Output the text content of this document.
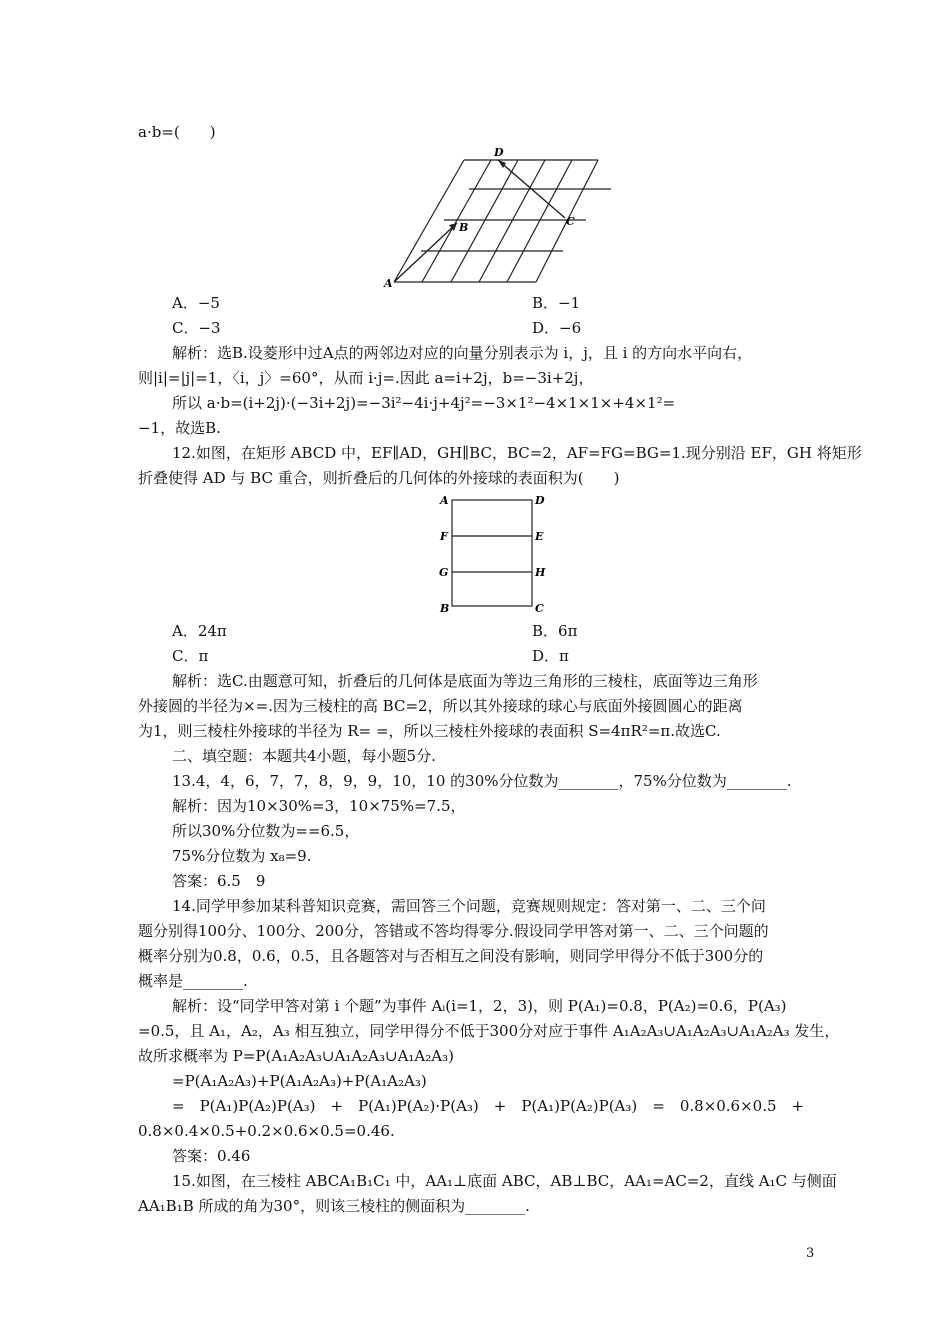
a·b=(　　)
A
B	C
D
A．−5	B．−1
C．−3	D．−6
解析：选B.设菱形中过A点的两邻边对应的向量分别表示为 i，j，且 i 的方向水平向右，
则|i|=|j|=1，〈i，j〉=60°，从而 i·j=.因此 a=i+2j，b=−3i+2j，
所以 a·b=(i+2j)·(−3i+2j)=−3i²−4i·j+4j²=−3×1²−4×1×1×+4×1²=
−1，故选B.
12.如图，在矩形 ABCD 中，EF∥AD，GH∥BC，BC=2，AF=FG=BG=1.现分别沿 EF，GH 将矩形
折叠使得 AD 与 BC 重合，则折叠后的几何体的外接球的表面积为(　　)
A	D
F	E
G	H
B	C
A．24π	B．6π
C．π	D．π
解析：选C.由题意可知，折叠后的几何体是底面为等边三角形的三棱柱，底面等边三角形
外接圆的半径为×=.因为三棱柱的高 BC=2，所以其外接球的球心与底面外接圆圆心的距离
为1，则三棱柱外接球的半径为 R= =，所以三棱柱外接球的表面积 S=4πR²=π.故选C.
二、填空题：本题共4小题，每小题5分.
13.4，4，6，7，7，8，9，9，10，10 的30%分位数为________，75%分位数为________.
解析：因为10×30%=3，10×75%=7.5，
所以30%分位数为==6.5，
75%分位数为 x₈=9.
答案：6.5　9
14.同学甲参加某科普知识竞赛，需回答三个问题，竞赛规则规定：答对第一、二、三个问
题分别得100分、100分、200分，答错或不答均得零分.假设同学甲答对第一、二、三个问题的
概率分别为0.8，0.6，0.5，且各题答对与否相互之间没有影响，则同学甲得分不低于300分的
概率是________.
解析：设“同学甲答对第 i 个题”为事件 Aᵢ(i=1，2，3)，则 P(A₁)=0.8，P(A₂)=0.6，P(A₃)
=0.5，且 A₁，A₂，A₃ 相互独立，同学甲得分不低于300分对应于事件 A₁A₂A₃∪A₁A₂A₃∪A₁A₂A₃ 发生，
故所求概率为 P=P(A₁A₂A₃∪A₁A₂A₃∪A₁A₂A₃)
=P(A₁A₂A₃)+P(A₁A₂A₃)+P(A₁A₂A₃)
=　P(A₁)P(A₂)P(A₃)　+　P(A₁)P(A₂)·P(A₃)　+　P(A₁)P(A₂)P(A₃)　=　0.8×0.6×0.5　+
0.8×0.4×0.5+0.2×0.6×0.5=0.46.
答案：0.46
15.如图，在三棱柱 ABCA₁B₁C₁ 中，AA₁⊥底面 ABC，AB⊥BC，AA₁=AC=2，直线 A₁C 与侧面
AA₁B₁B 所成的角为30°，则该三棱柱的侧面积为________.
3
